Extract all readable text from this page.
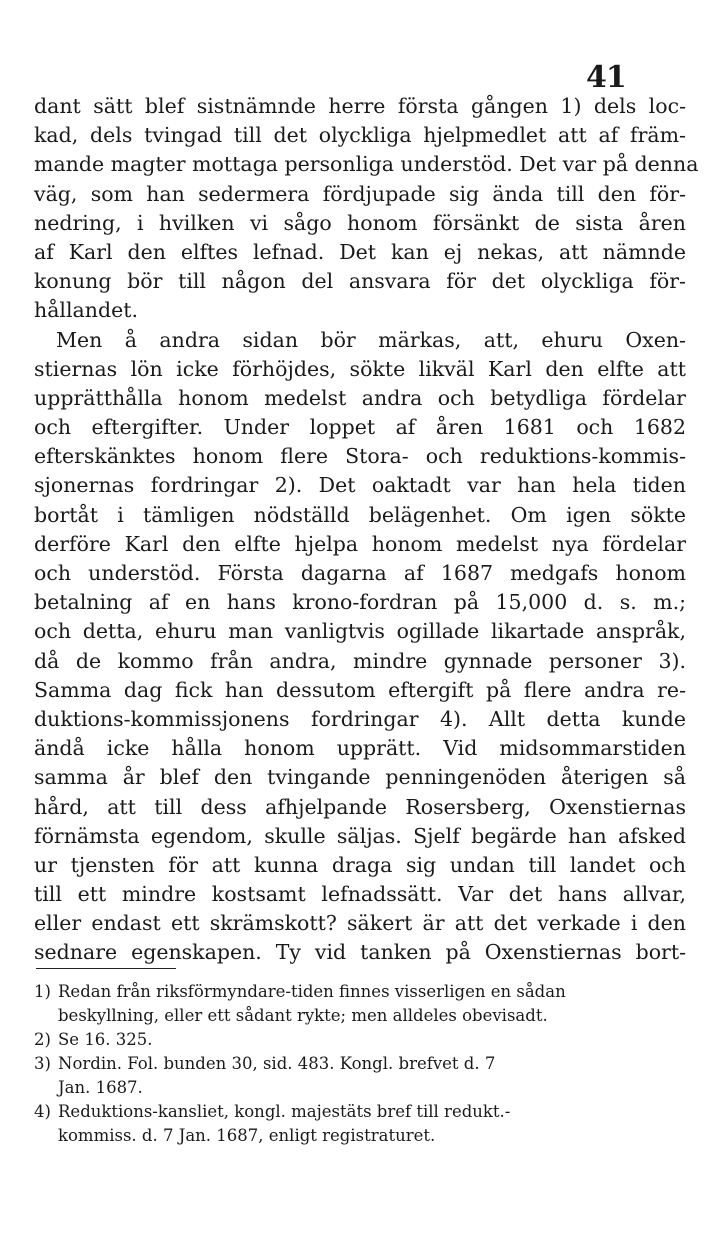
41
dant sätt blef sistnämnde herre första gången 1) dels loc-
kad, dels tvingad till det olyckliga hjelpmedlet att af främ-
mande magter mottaga personliga understöd. Det var på denna
väg, som han sedermera fördjupade sig ända till den för-
nedring, i hvilken vi sågo honom försänkt de sista åren
af Karl den elftes lefnad. Det kan ej nekas, att nämnde
konung bör till någon del ansvara för det olyckliga för-
hållandet.
Men å andra sidan bör märkas, att, ehuru Oxen-
stiernas lön icke förhöjdes, sökte likväl Karl den elfte att
upprätthålla honom medelst andra och betydliga fördelar
och eftergifter. Under loppet af åren 1681 och 1682
efterskänktes honom flere Stora- och reduktions-kommis-
sjonernas fordringar 2). Det oaktadt var han hela tiden
bortåt i tämligen nödställd belägenhet. Om igen sökte
derföre Karl den elfte hjelpa honom medelst nya fördelar
och understöd. Första dagarna af 1687 medgafs honom
betalning af en hans krono-fordran på 15,000 d. s. m.;
och detta, ehuru man vanligtvis ogillade likartade anspråk,
då de kommo från andra, mindre gynnade personer 3).
Samma dag fick han dessutom eftergift på flere andra re-
duktions-kommissjonens fordringar 4). Allt detta kunde
ändå icke hålla honom upprätt. Vid midsommarstiden
samma år blef den tvingande penningenöden återigen så
hård, att till dess afhjelpande Rosersberg, Oxenstiernas
förnämsta egendom, skulle säljas. Sjelf begärde han afsked
ur tjensten för att kunna draga sig undan till landet och
till ett mindre kostsamt lefnadssätt. Var det hans allvar,
eller endast ett skrämskott? säkert är att det verkade i den
sednare egenskapen. Ty vid tanken på Oxenstiernas bort-
1) Redan från riksförmyndare-tiden finnes visserligen en sådan
beskyllning, eller ett sådant rykte; men alldeles obevisadt.
2) Se 16. 325.
3) Nordin. Fol. bunden 30, sid. 483. Kongl. brefvet d. 7
Jan. 1687.
4) Reduktions-kansliet, kongl. majestäts bref till redukt.-
kommiss. d. 7 Jan. 1687, enligt registraturet.
